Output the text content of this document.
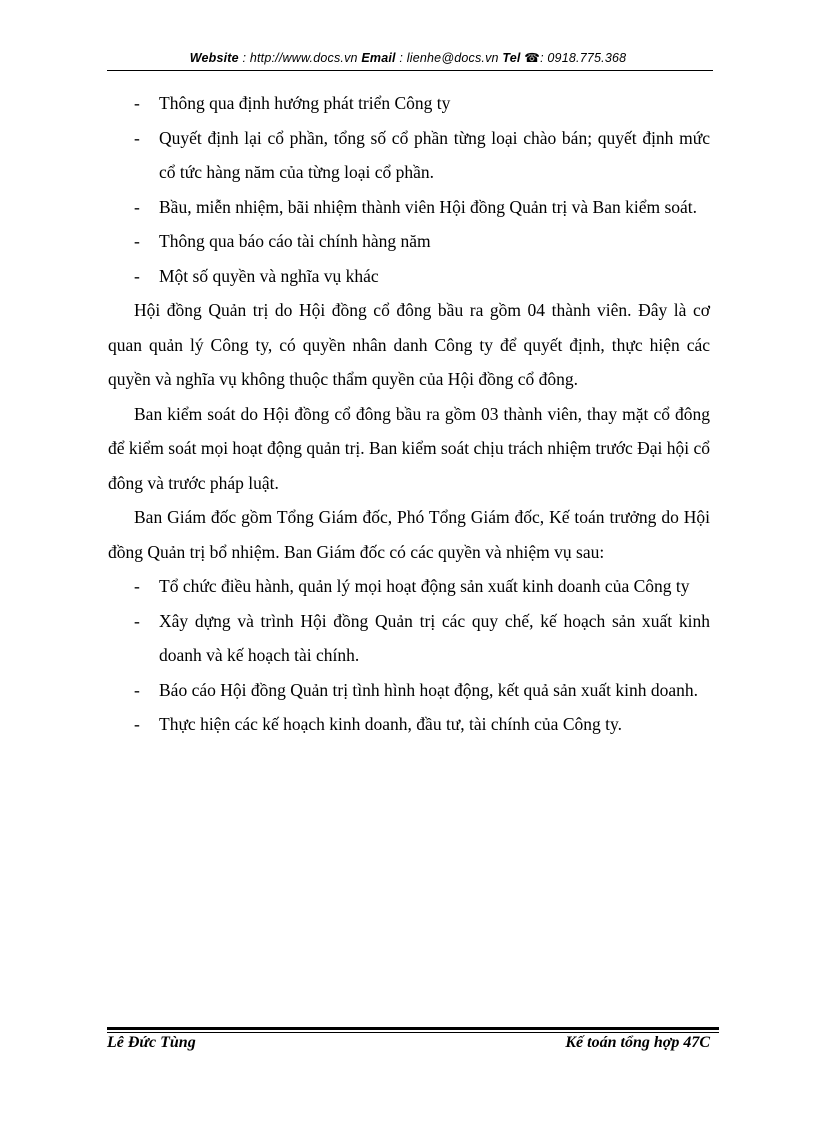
Website : http://www.docs.vn Email : lienhe@docs.vn Tel ☎: 0918.775.368
- Thông qua định hướng phát triển Công ty
- Quyết định lại cổ phần, tổng số cổ phần từng loại chào bán; quyết định mức cổ tức hàng năm của từng loại cổ phần.
- Bầu, miễn nhiệm, bãi nhiệm thành viên Hội đồng Quản trị và Ban kiểm soát.
- Thông qua báo cáo tài chính hàng năm
- Một số quyền và nghĩa vụ khác
Hội đồng Quản trị do Hội đồng cổ đông bầu ra gồm 04 thành viên. Đây là cơ quan quản lý Công ty, có quyền nhân danh Công ty để quyết định, thực hiện các quyền và nghĩa vụ không thuộc thẩm quyền của Hội đồng cổ đông.
Ban kiểm soát do Hội đồng cổ đông bầu ra gồm 03 thành viên, thay mặt cổ đông để kiểm soát mọi hoạt động quản trị. Ban kiểm soát chịu trách nhiệm trước Đại hội cổ đông và trước pháp luật.
Ban Giám đốc gồm Tổng Giám đốc, Phó Tổng Giám đốc, Kế toán trưởng do Hội đồng Quản trị bổ nhiệm. Ban Giám đốc có các quyền và nhiệm vụ sau:
- Tổ chức điều hành, quản lý mọi hoạt động sản xuất kinh doanh của Công ty
- Xây dựng và trình Hội đồng Quản trị các quy chế, kế hoạch sản xuất kinh doanh và kế hoạch tài chính.
- Báo cáo Hội đồng Quản trị tình hình hoạt động, kết quả sản xuất kinh doanh.
- Thực hiện các kế hoạch kinh doanh, đầu tư, tài chính của Công ty.
Lê Đức Tùng	Kế toán tổng hợp 47C
